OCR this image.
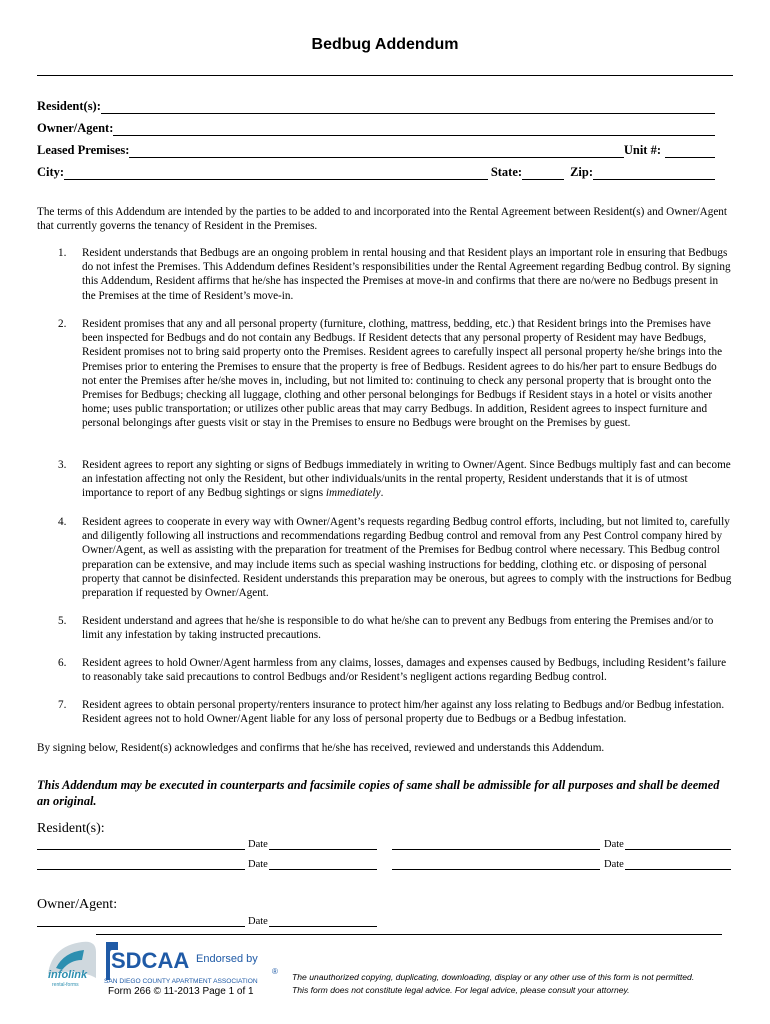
Bedbug Addendum
Resident(s):
Owner/Agent:
Leased Premises:	Unit #:
City:	State:	Zip:
The terms of this Addendum are intended by the parties to be added to and incorporated into the Rental Agreement between Resident(s) and Owner/Agent that currently governs the tenancy of Resident in the Premises.
1. Resident understands that Bedbugs are an ongoing problem in rental housing and that Resident plays an important role in ensuring that Bedbugs do not infest the Premises. This Addendum defines Resident’s responsibilities under the Rental Agreement regarding Bedbug control. By signing this Addendum, Resident affirms that he/she has inspected the Premises at move-in and confirms that there are no/were no Bedbugs present in the Premises at the time of Resident’s move-in.
2. Resident promises that any and all personal property (furniture, clothing, mattress, bedding, etc.) that Resident brings into the Premises have been inspected for Bedbugs and do not contain any Bedbugs. If Resident detects that any personal property of Resident may have Bedbugs, Resident promises not to bring said property onto the Premises. Resident agrees to carefully inspect all personal property he/she brings into the Premises prior to entering the Premises to ensure that the property is free of Bedbugs. Resident agrees to do his/her part to ensure Bedbugs do not enter the Premises after he/she moves in, including, but not limited to: continuing to check any personal property that is brought onto the Premises for Bedbugs; checking all luggage, clothing and other personal belongings for Bedbugs if Resident stays in a hotel or visits another home; uses public transportation; or utilizes other public areas that may carry Bedbugs. In addition, Resident agrees to inspect furniture and personal belongings after guests visit or stay in the Premises to ensure no Bedbugs were brought on the Premises by guest.
3. Resident agrees to report any sighting or signs of Bedbugs immediately in writing to Owner/Agent. Since Bedbugs multiply fast and can become an infestation affecting not only the Resident, but other individuals/units in the rental property, Resident understands that it is of utmost importance to report of any Bedbug sightings or signs immediately.
4. Resident agrees to cooperate in every way with Owner/Agent’s requests regarding Bedbug control efforts, including, but not limited to, carefully and diligently following all instructions and recommendations regarding Bedbug control and removal from any Pest Control company hired by Owner/Agent, as well as assisting with the preparation for treatment of the Premises for Bedbug control where necessary. This Bedbug control preparation can be extensive, and may include items such as special washing instructions for bedding, clothing etc. or disposing of personal property that cannot be disinfected. Resident understands this preparation may be onerous, but agrees to comply with the instructions for Bedbug preparation if requested by Owner/Agent.
5. Resident understand and agrees that he/she is responsible to do what he/she can to prevent any Bedbugs from entering the Premises and/or to limit any infestation by taking instructed precautions.
6. Resident agrees to hold Owner/Agent harmless from any claims, losses, damages and expenses caused by Bedbugs, including Resident’s failure to reasonably take said precautions to control Bedbugs and/or Resident’s negligent actions regarding Bedbug control.
7. Resident agrees to obtain personal property/renters insurance to protect him/her against any loss relating to Bedbugs and/or Bedbug infestation. Resident agrees not to hold Owner/Agent liable for any loss of personal property due to Bedbugs or a Bedbug infestation.
By signing below, Resident(s) acknowledges and confirms that he/she has received, reviewed and understands this Addendum.
This Addendum may be executed in counterparts and facsimile copies of same shall be admissible for all purposes and shall be deemed an original.
Resident(s):
Date	Date
Date	Date
Owner/Agent:
Date
infolink
rental-forms
SDCAA Endorsed by
SAN DIEGO COUNTY APARTMENT ASSOCIATION
®
Form 266 © 11-2013 Page 1 of 1
The unauthorized copying, duplicating, downloading, display or any other use of this form is not permitted.
This form does not constitute legal advice. For legal advice, please consult your attorney.
